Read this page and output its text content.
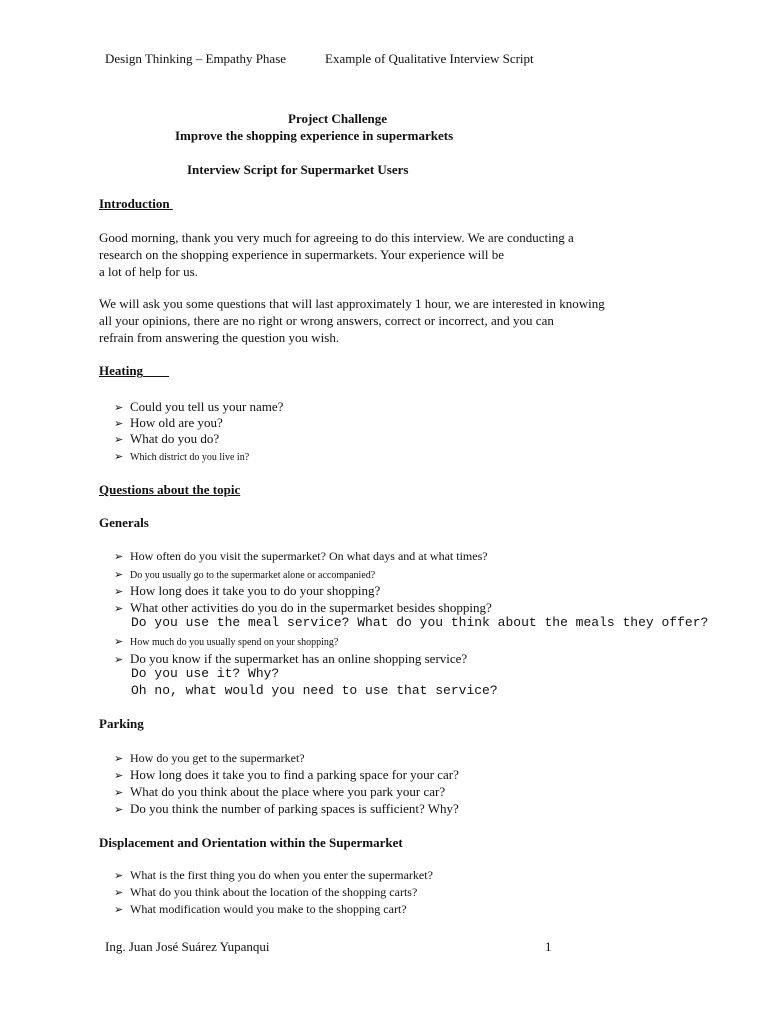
Design Thinking – Empathy Phase	Example of Qualitative Interview Script
Project Challenge
Improve the shopping experience in supermarkets
Interview Script for Supermarket Users
Introduction
Good morning, thank you very much for agreeing to do this interview. We are conducting a
research on the shopping experience in supermarkets. Your experience will be
a lot of help for us.
We will ask you some questions that will last approximately 1 hour, we are interested in knowing
all your opinions, there are no right or wrong answers, correct or incorrect, and you can
refrain from answering the question you wish.
Heating
➢ Could you tell us your name?
➢ How old are you?
➢ What do you do?
➢ Which district do you live in?
Questions about the topic
Generals
➢ How often do you visit the supermarket? On what days and at what times?
➢ Do you usually go to the supermarket alone or accompanied?
➢ How long does it take you to do your shopping?
➢ What other activities do you do in the supermarket besides shopping?
Do you use the meal service? What do you think about the meals they offer?
➢ How much do you usually spend on your shopping?
➢ Do you know if the supermarket has an online shopping service?
Do you use it? Why?
Oh no, what would you need to use that service?
Parking
➢ How do you get to the supermarket?
➢ How long does it take you to find a parking space for your car?
➢ What do you think about the place where you park your car?
➢ Do you think the number of parking spaces is sufficient? Why?
Displacement and Orientation within the Supermarket
➢ What is the first thing you do when you enter the supermarket?
➢ What do you think about the location of the shopping carts?
➢ What modification would you make to the shopping cart?
Ing. Juan José Suárez Yupanqui	1
